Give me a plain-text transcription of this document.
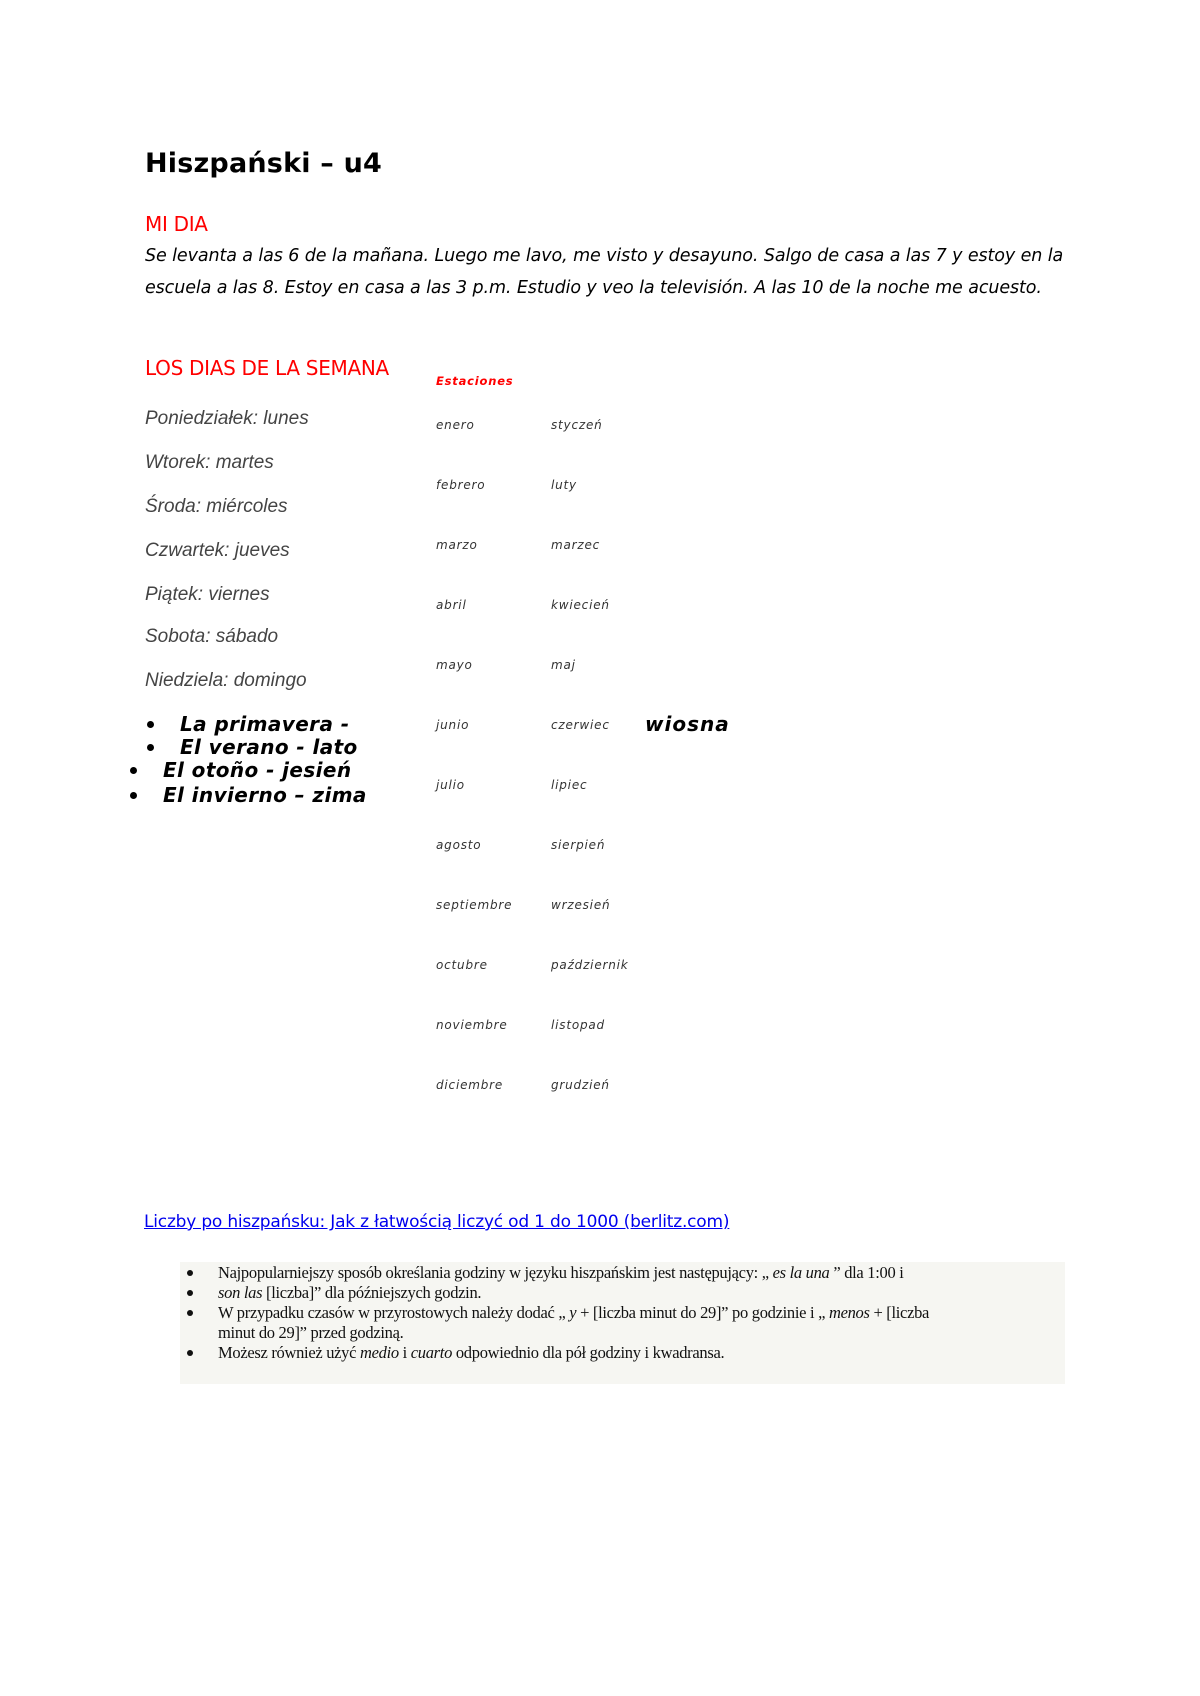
Hiszpański – u4
MI DIA
Se levanta a las 6 de la mañana. Luego me lavo, me visto y desayuno. Salgo de casa a las 7 y estoy en la escuela a las 8. Estoy en casa a las 3 p.m. Estudio y veo la televisión. A las 10 de la noche me acuesto.
LOS DIAS DE LA SEMANA
Poniedziałek: lunes
Wtorek: martes
Środa: miércoles
Czwartek: jueves
Piątek: viernes
Sobota: sábado
Niedziela: domingo
La primavera -
El verano - lato
El otoño - jesień
El invierno – zima
Estaciones
enero	styczeń
febrero	luty
marzo	marzec
abril	kwiecień
mayo	maj
junio	czerwiec
julio	lipiec
agosto	sierpień
septiembre	wrzesień
octubre	październik
noviembre	listopad
diciembre	grudzień
wiosna
Liczby po hiszpańsku: Jak z łatwością liczyć od 1 do 1000 (berlitz.com)
Najpopularniejszy sposób określania godziny w języku hiszpańskim jest następujący: „ es la una ” dla 1:00 i
son las [liczba]” dla późniejszych godzin.
W przypadku czasów w przyrostowych należy dodać „ y + [liczba minut do 29]” po godzinie i „ menos + [liczba
minut do 29]” przed godziną.
Możesz również użyć medio i cuarto odpowiednio dla pół godziny i kwadransa.
